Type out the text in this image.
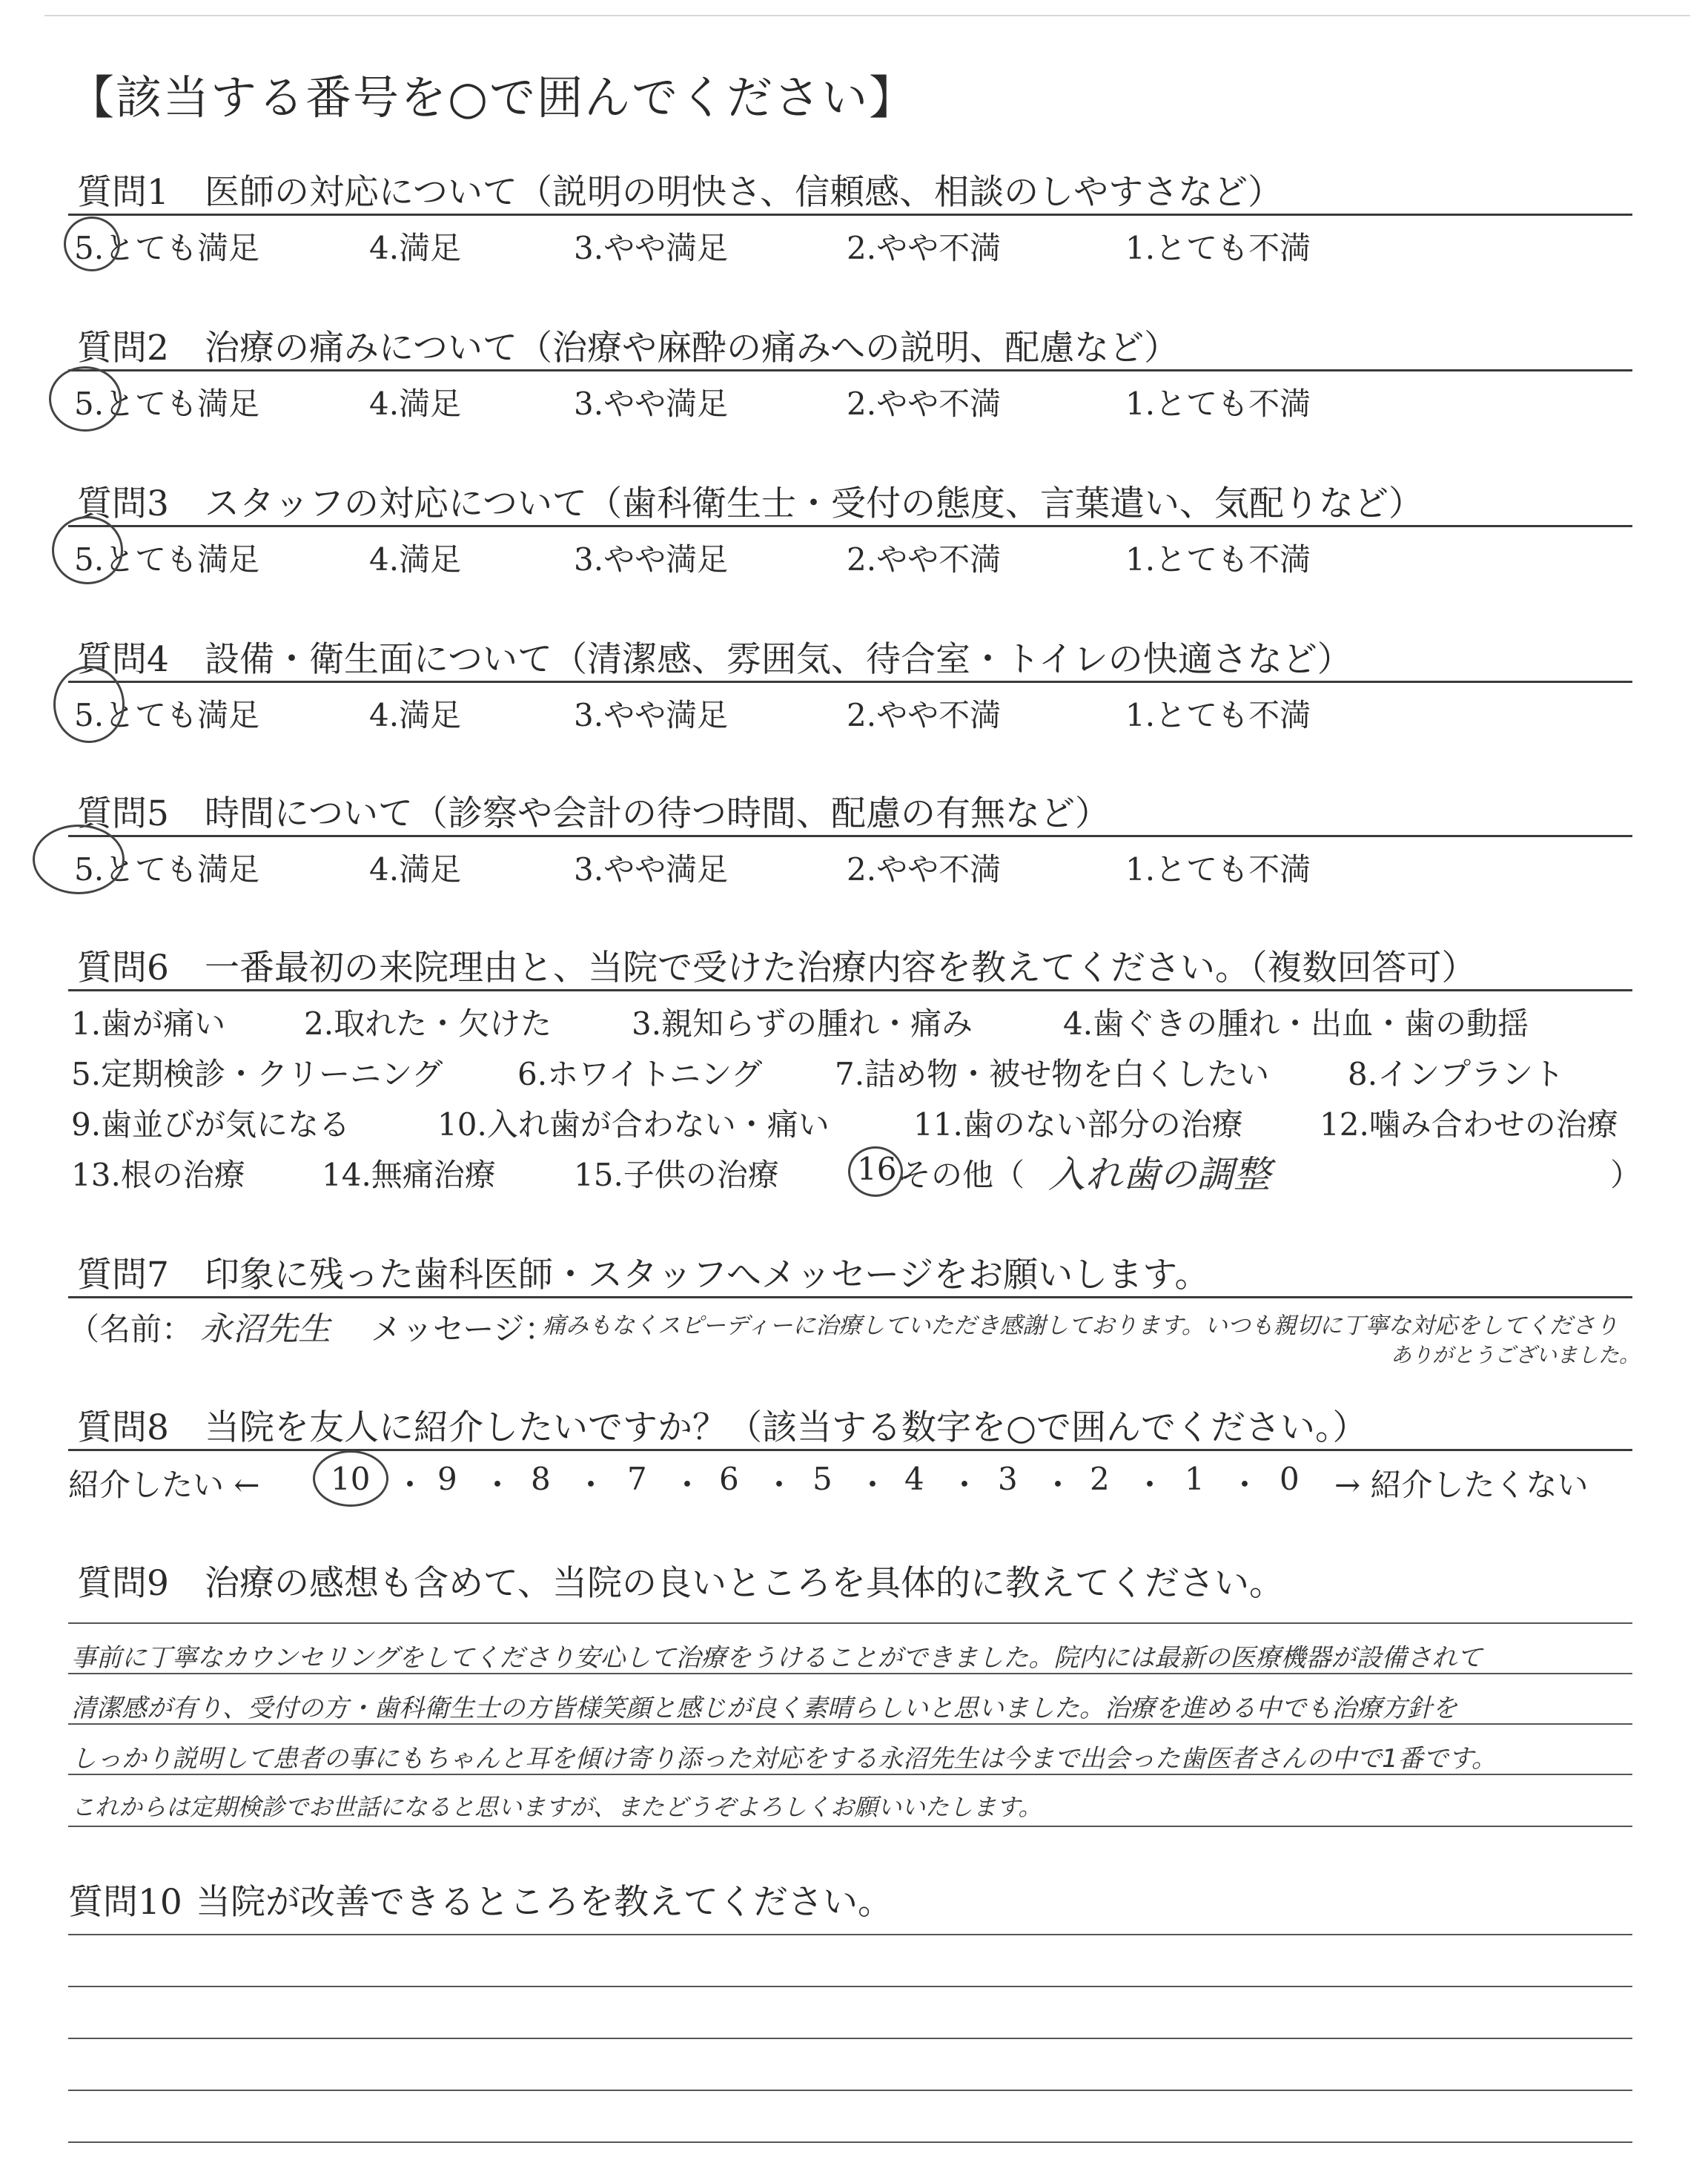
【該当する番号を○で囲んでください】
質問1 医師の対応について（説明の明快さ、信頼感、相談のしやすさなど）
5.とても満足	4.満足	3.やや満足	2.やや不満	1.とても不満
質問2 治療の痛みについて（治療や麻酔の痛みへの説明、配慮など）
5.とても満足	4.満足	3.やや満足	2.やや不満	1.とても不満
質問3 スタッフの対応について（歯科衛生士・受付の態度、言葉遣い、気配りなど）
5.とても満足	4.満足	3.やや満足	2.やや不満	1.とても不満
質問4 設備・衛生面について（清潔感、雰囲気、待合室・トイレの快適さなど）
5.とても満足	4.満足	3.やや満足	2.やや不満	1.とても不満
質問5 時間について（診察や会計の待つ時間、配慮の有無など）
5.とても満足	4.満足	3.やや満足	2.やや不満	1.とても不満
質問6 一番最初の来院理由と、当院で受けた治療内容を教えてください。（複数回答可）
1.歯が痛い	2.取れた・欠けた	3.親知らずの腫れ・痛み	4.歯ぐきの腫れ・出血・歯の動揺
5.定期検診・クリーニング 6.ホワイトニング 7.詰め物・被せ物を白くしたい	8.インプラント
9.歯並びが気になる	10.入れ歯が合わない・痛い	11.歯のない部分の治療 12.噛み合わせの治療
13.根の治療 14.無痛治療	15.子供の治療	16.
その他（ 入れ歯の調整	）
質問7 印象に残った歯科医師・スタッフへメッセージをお願いします。
（名前： 永沼先生 メッセージ：
痛みもなくスピーディーに治療していただき感謝しております。いつも親切に丁寧な対応をしてくださり
ありがとうございました。
質問8 当院を友人に紹介したいですか？（該当する数字を○で囲んでください。）
紹介したい ← 10 ・ 9 ・ 8 ・ 7 ・ 6 ・ 5 ・ 4 ・ 3 ・ 2 ・ 1 ・ 0 → 紹介したくない
質問9 治療の感想も含めて、当院の良いところを具体的に教えてください。
事前に丁寧なカウンセリングをしてくださり安心して治療をうけることができました。院内には最新の医療機器が設備されて
清潔感が有り、受付の方・歯科衛生士の方皆様笑顔と感じが良く素晴らしいと思いました。治療を進める中でも治療方針を
しっかり説明して患者の事にもちゃんと耳を傾け寄り添った対応をする永沼先生は今まで出会った歯医者さんの中で1番です。
これからは定期検診でお世話になると思いますが、またどうぞよろしくお願いいたします。
質問10 当院が改善できるところを教えてください。
